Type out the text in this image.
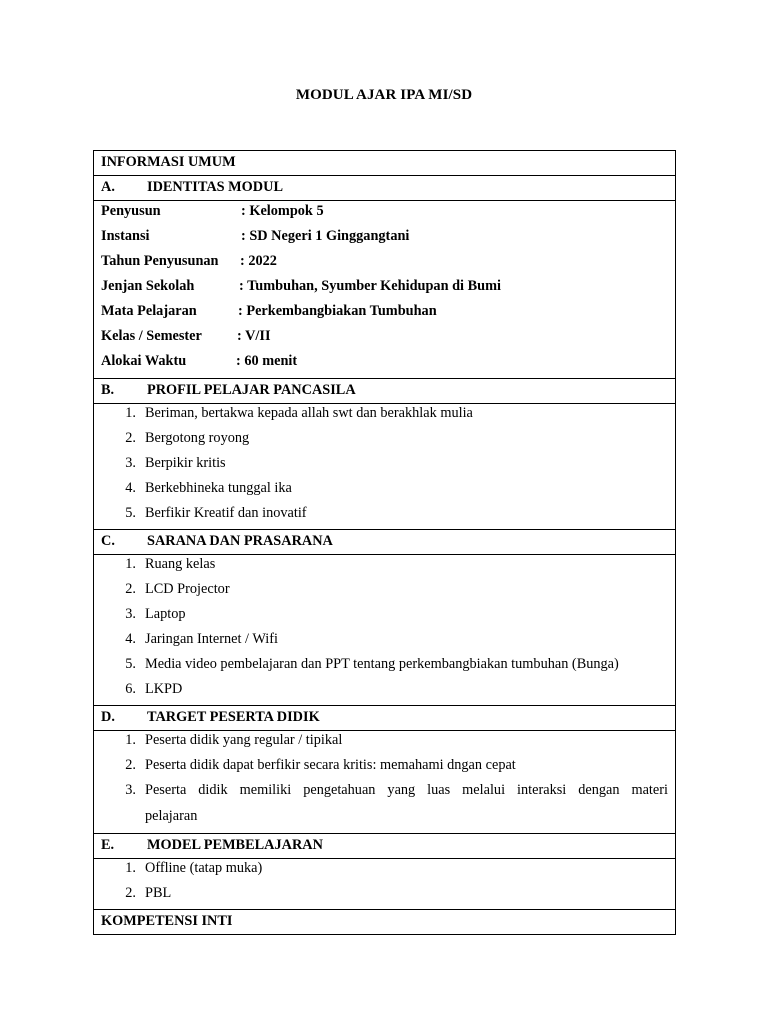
MODUL AJAR IPA MI/SD
INFORMASI UMUM
A. IDENTITAS MODUL

Penyusun	: Kelompok 5
Instansi	: SD Negeri 1 Ginggangtani
Tahun Penyusunan	: 2022
Jenjan Sekolah	: Tumbuhan, Syumber Kehidupan di Bumi
Mata Pelajaran	: Perkembangbiakan Tumbuhan
Kelas / Semester	: V/II
Alokai Waktu	: 60 menit

B. PROFIL PELAJAR PANCASILA

1. Beriman, bertakwa kepada allah swt dan berakhlak mulia
2. Bergotong royong
3. Berpikir kritis
4. Berkebhineka tunggal ika
5. Berfikir Kreatif dan inovatif

C. SARANA DAN PRASARANA

1. Ruang kelas
2. LCD Projector
3. Laptop
4. Jaringan Internet / Wifi
5. Media video pembelajaran dan PPT tentang perkembangbiakan tumbuhan (Bunga)
6. LKPD

D. TARGET PESERTA DIDIK

1. Peserta didik yang regular / tipikal
2. Peserta didik dapat berfikir secara kritis: memahami dngan cepat
3. Peserta didik memiliki pengetahuan yang luas melalui interaksi dengan materi
pelajaran

E. MODEL PEMBELAJARAN

1. Offline (tatap muka)
2. PBL

KOMPETENSI INTI
